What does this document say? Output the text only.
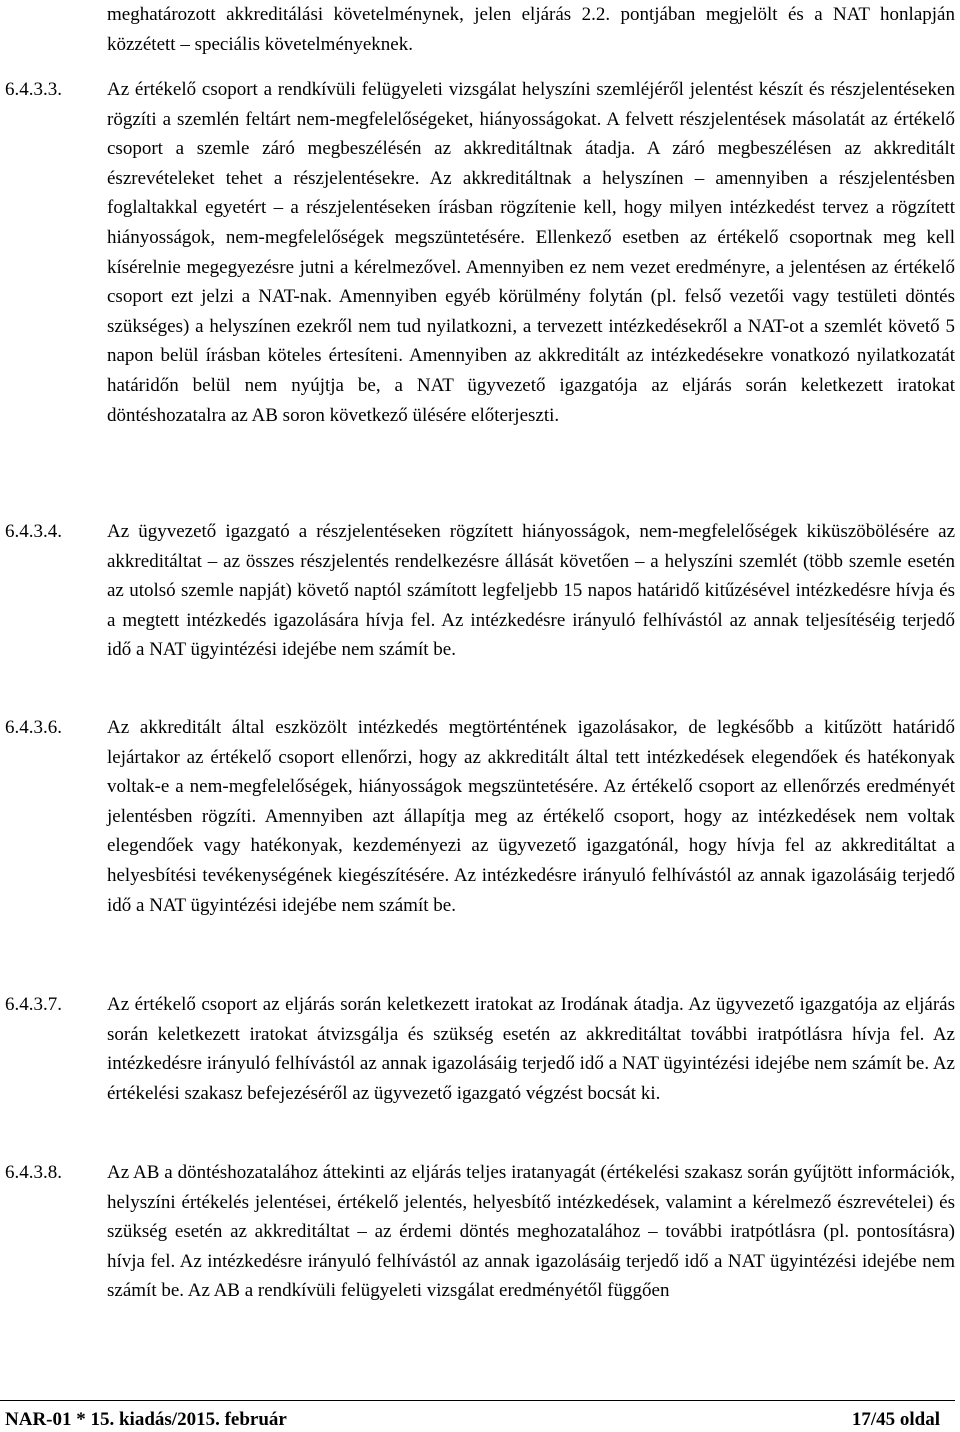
meghatározott akkreditálási követelménynek, jelen eljárás 2.2. pontjában megjelölt és a NAT honlapján közzétett – speciális követelményeknek.
6.4.3.3. Az értékelő csoport a rendkívüli felügyeleti vizsgálat helyszíni szemléjéről jelentést készít és részjelentéseken rögzíti a szemlén feltárt nem-megfelelőségeket, hiányosságokat. A felvett részjelentések másolatát az értékelő csoport a szemle záró megbeszélésén az akkreditáltnak átadja. A záró megbeszélésen az akkreditált észrevételeket tehet a részjelentésekre. Az akkreditáltnak a helyszínen – amennyiben a részjelentésben foglaltakkal egyetért – a részjelentéseken írásban rögzítenie kell, hogy milyen intézkedést tervez a rögzített hiányosságok, nem-megfelelőségek megszüntetésére. Ellenkező esetben az értékelő csoportnak meg kell kísérelnie megegyezésre jutni a kérelmezővel. Amennyiben ez nem vezet eredményre, a jelentésen az értékelő csoport ezt jelzi a NAT-nak. Amennyiben egyéb körülmény folytán (pl. felső vezetői vagy testületi döntés szükséges) a helyszínen ezekről nem tud nyilatkozni, a tervezett intézkedésekről a NAT-ot a szemlét követő 5 napon belül írásban köteles értesíteni. Amennyiben az akkreditált az intézkedésekre vonatkozó nyilatkozatát határidőn belül nem nyújtja be, a NAT ügyvezető igazgatója az eljárás során keletkezett iratokat döntéshozatalra az AB soron következő ülésére előterjeszti.
6.4.3.4. Az ügyvezető igazgató a részjelentéseken rögzített hiányosságok, nem-megfelelőségek kiküszöbölésére az akkreditáltat – az összes részjelentés rendelkezésre állását követően – a helyszíni szemlét (több szemle esetén az utolsó szemle napját) követő naptól számított legfeljebb 15 napos határidő kitűzésével intézkedésre hívja és a megtett intézkedés igazolására hívja fel. Az intézkedésre irányuló felhívástól az annak teljesítéséig terjedő idő a NAT ügyintézési idejébe nem számít be.
6.4.3.6. Az akkreditált által eszközölt intézkedés megtörténtének igazolásakor, de legkésőbb a kitűzött határidő lejártakor az értékelő csoport ellenőrzi, hogy az akkreditált által tett intézkedések elegendőek és hatékonyak voltak-e a nem-megfelelőségek, hiányosságok megszüntetésére. Az értékelő csoport az ellenőrzés eredményét jelentésben rögzíti. Amennyiben azt állapítja meg az értékelő csoport, hogy az intézkedések nem voltak elegendőek vagy hatékonyak, kezdeményezi az ügyvezető igazgatónál, hogy hívja fel az akkreditáltat a helyesbítési tevékenységének kiegészítésére. Az intézkedésre irányuló felhívástól az annak igazolásáig terjedő idő a NAT ügyintézési idejébe nem számít be.
6.4.3.7. Az értékelő csoport az eljárás során keletkezett iratokat az Irodának átadja. Az ügyvezető igazgatója az eljárás során keletkezett iratokat átvizsgálja és szükség esetén az akkreditáltat további iratpótlásra hívja fel. Az intézkedésre irányuló felhívástól az annak igazolásáig terjedő idő a NAT ügyintézési idejébe nem számít be. Az értékelési szakasz befejezéséről az ügyvezető igazgató végzést bocsát ki.
6.4.3.8. Az AB a döntéshozatalához áttekinti az eljárás teljes iratanyagát (értékelési szakasz során gyűjtött információk, helyszíni értékelés jelentései, értékelő jelentés, helyesbítő intézkedések, valamint a kérelmező észrevételei) és szükség esetén az akkreditáltat – az érdemi döntés meghozatalához – további iratpótlásra (pl. pontosításra) hívja fel. Az intézkedésre irányuló felhívástól az annak igazolásáig terjedő idő a NAT ügyintézési idejébe nem számít be. Az AB a rendkívüli felügyeleti vizsgálat eredményétől függően
NAR-01 * 15. kiadás/2015. február	17/45 oldal
